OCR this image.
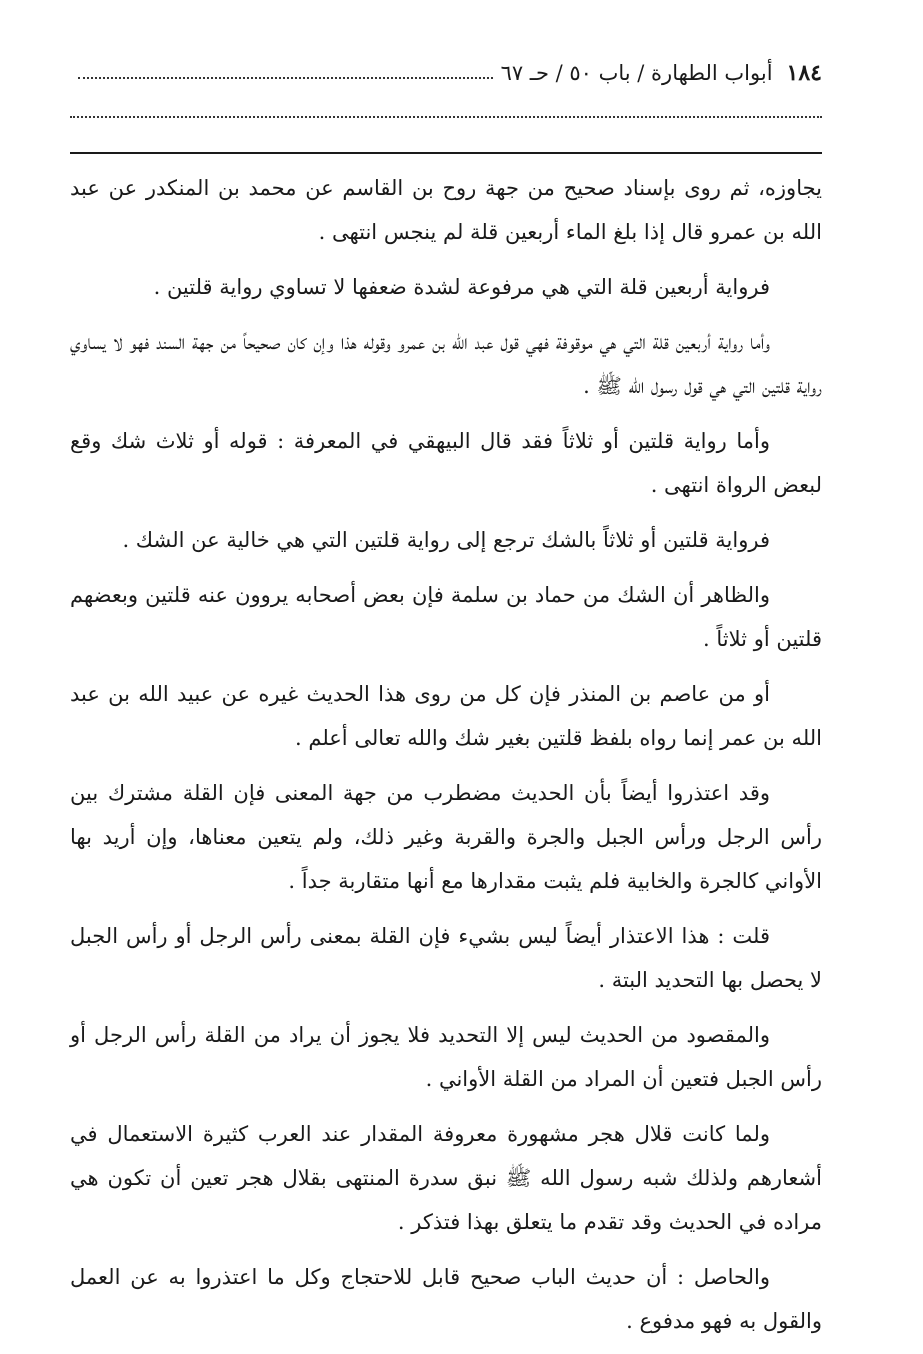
١٨٤
أبواب الطهارة / باب ٥٠ / حـ ٦٧

يجاوزه، ثم روى بإسناد صحيح من جهة روح بن القاسم عن محمد بن المنكدر عن عبد الله بن عمرو قال إذا بلغ الماء أربعين قلة لم ينجس انتهى .

فرواية أربعين قلة التي هي مرفوعة لشدة ضعفها لا تساوي رواية قلتين .

وأما رواية أربعين قلة التي هي موقوفة فهي قول عبد الله بن عمرو وقوله هذا وإن كان صحيحاً من جهة السند فهو لا يساوي رواية قلتين التي هي قول رسول الله ﷺ .

وأما رواية قلتين أو ثلاثاً فقد قال البيهقي في المعرفة : قوله أو ثلاث شك وقع لبعض الرواة انتهى .

فرواية قلتين أو ثلاثاً بالشك ترجع إلى رواية قلتين التي هي خالية عن الشك .

والظاهر أن الشك من حماد بن سلمة فإن بعض أصحابه يروون عنه قلتين وبعضهم قلتين أو ثلاثاً .

أو من عاصم بن المنذر فإن كل من روى هذا الحديث غيره عن عبيد الله بن عبد الله بن عمر إنما رواه بلفظ قلتين بغير شك والله تعالى أعلم .

وقد اعتذروا أيضاً بأن الحديث مضطرب من جهة المعنى فإن القلة مشترك بين رأس الرجل ورأس الجبل والجرة والقربة وغير ذلك، ولم يتعين معناها، وإن أريد بها الأواني كالجرة والخابية فلم يثبت مقدارها مع أنها متقاربة جداً .

قلت : هذا الاعتذار أيضاً ليس بشيء فإن القلة بمعنى رأس الرجل أو رأس الجبل لا يحصل بها التحديد البتة .

والمقصود من الحديث ليس إلا التحديد فلا يجوز أن يراد من القلة رأس الرجل أو رأس الجبل فتعين أن المراد من القلة الأواني .

ولما كانت قلال هجر مشهورة معروفة المقدار عند العرب كثيرة الاستعمال في أشعارهم ولذلك شبه رسول الله ﷺ نبق سدرة المنتهى بقلال هجر تعين أن تكون هي مراده في الحديث وقد تقدم ما يتعلق بهذا فتذكر .

والحاصل : أن حديث الباب صحيح قابل للاحتجاج وكل ما اعتذروا به عن العمل والقول به فهو مدفوع .
